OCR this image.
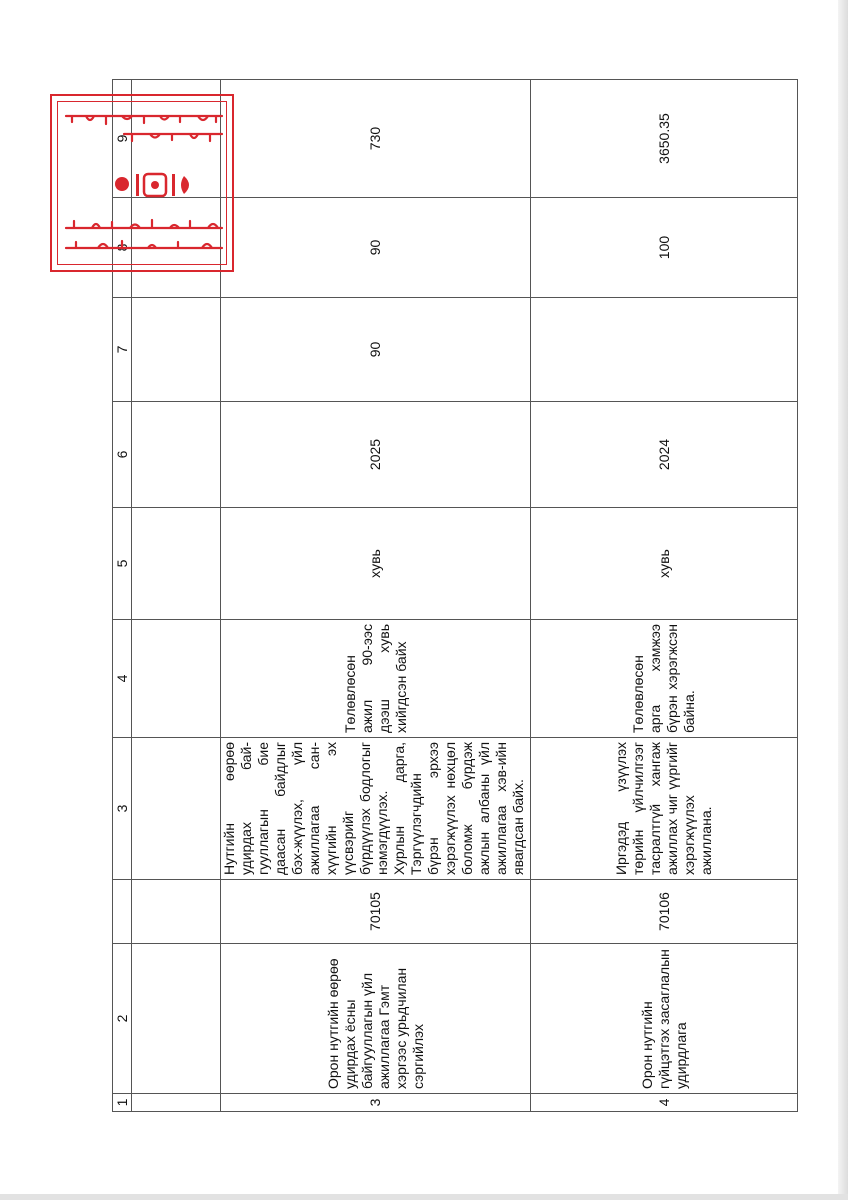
1	2		3	4	5	6	7	8	9

3	Орон нутгийн өөрөө удирдах ёсны байгууллагын үйл ажиллагаа Гэмт хэргээс урьдчилан сэргийлэх	70105	Нутгийн өөрөө удирдах бай-гууллагын бие даасан байдлыг бэх-жүүлэх, үйл ажиллагаа сан-хүүгийн эх үүсвэрийг бүрдүүлэх бодлогыг нэмэгдүүлэх. Хурлын дарга, Тэргүүлэгчдийн бүрэн эрхээ хэрэгжүүлэх нөхцөл боломж бүрдэж ажлын албаны үйл ажиллагаа хэв-ийн явагдсан байх.	Төлөвлөсөн ажил 90-ээс дээш хувь хийгдсэн байх	хувь	2025	90	90	730
4	Орон нутгийн гүйцэтгэх засаглалын удирдлага	70106	Иргэдэд үзүүлэх төрийн үйлчилгээг тасралтгүй хангаж ажиллах чиг үүргийг хэрэгжүүлэх ажиллана.	Төлөвлөсөн арга хэмжээ бүрэн хэрэгжсэн байна.	хувь	2024		100	3650.35
